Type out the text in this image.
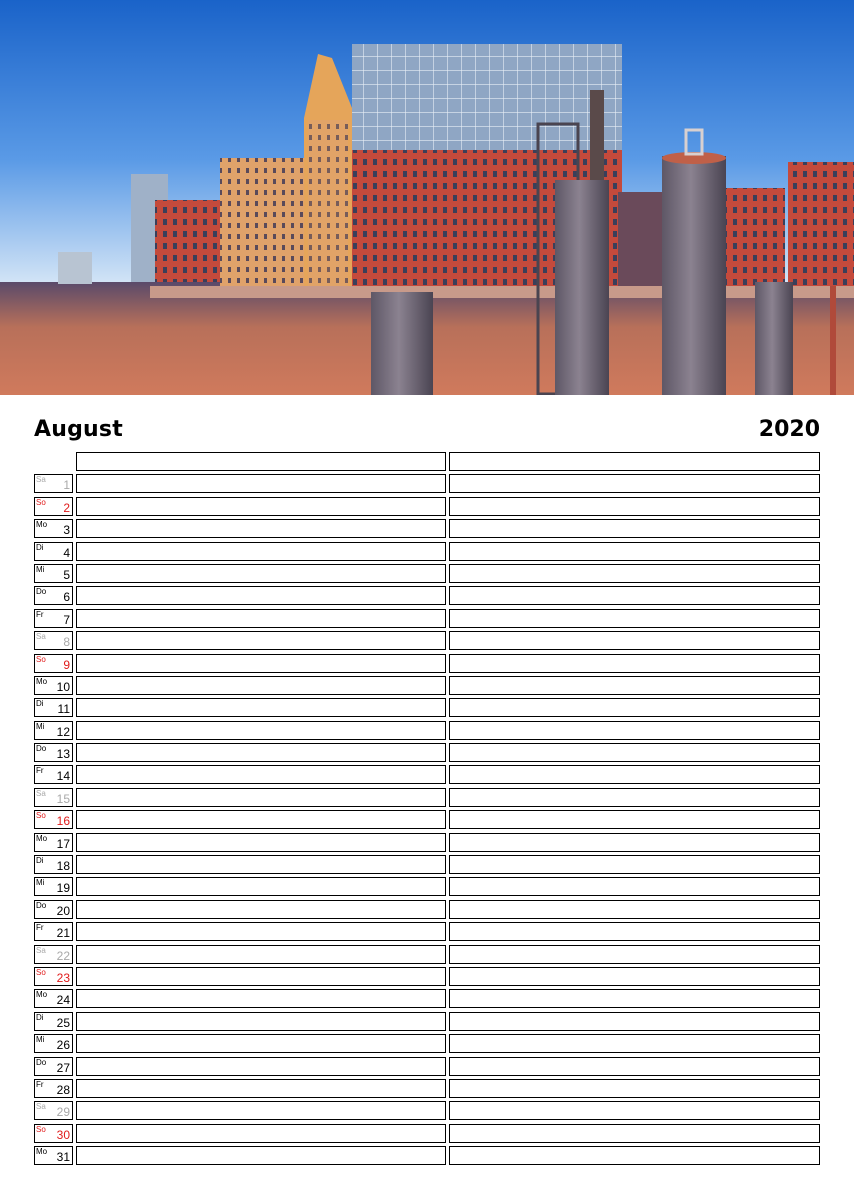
August	2020
Sa 1
So 2
Mo 3
Di 4
Mi 5
Do 6
Fr 7
Sa 8
So 9
Mo 10
Di 11
Mi 12
Do 13
Fr 14
Sa 15
So 16
Mo 17
Di 18
Mi 19
Do 20
Fr 21
Sa 22
So 23
Mo 24
Di 25
Mi 26
Do 27
Fr 28
Sa 29
So 30
Mo 31
